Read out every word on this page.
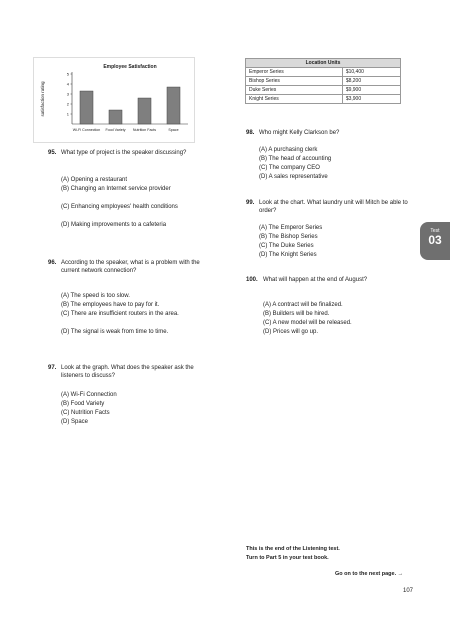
Employee Satisfaction
satisfaction rating	1
2
3
4
5
Wi-Fi Connection Food Variety Nutrition Facts	Space
Location Units	
Emperor Series	$10,400
Bishop Series	$8,200
Duke Series	$9,900
Knight Series	$3,900
95. What type of project is the speaker discussing?
(A) Opening a restaurant
(B) Changing an Internet service provider
(C) Enhancing employees' health conditions
(D) Making improvements to a cafeteria
96. According to the speaker, what is a problem with the current network connection?
(A) The speed is too slow.
(B) The employees have to pay for it.
(C) There are insufficient routers in the area.
(D) The signal is weak from time to time.
97. Look at the graph. What does the speaker ask the listeners to discuss?
(A) Wi-Fi Connection
(B) Food Variety
(C) Nutrition Facts
(D) Space
98. Who might Kelly Clarkson be?
(A) A purchasing clerk
(B) The head of accounting
(C) The company CEO
(D) A sales representative
99. Look at the chart. What laundry unit will Mitch be able to order?
(A) The Emperor Series
(B) The Bishop Series
(C) The Duke Series
(D) The Knight Series
100. What will happen at the end of August?
(A) A contract will be finalized.
(B) Builders will be hired.
(C) A new model will be released.
(D) Prices will go up.
Test
03
This is the end of the Listening test.
Turn to Part 5 in your test book.
Go on to the next page. →
107
